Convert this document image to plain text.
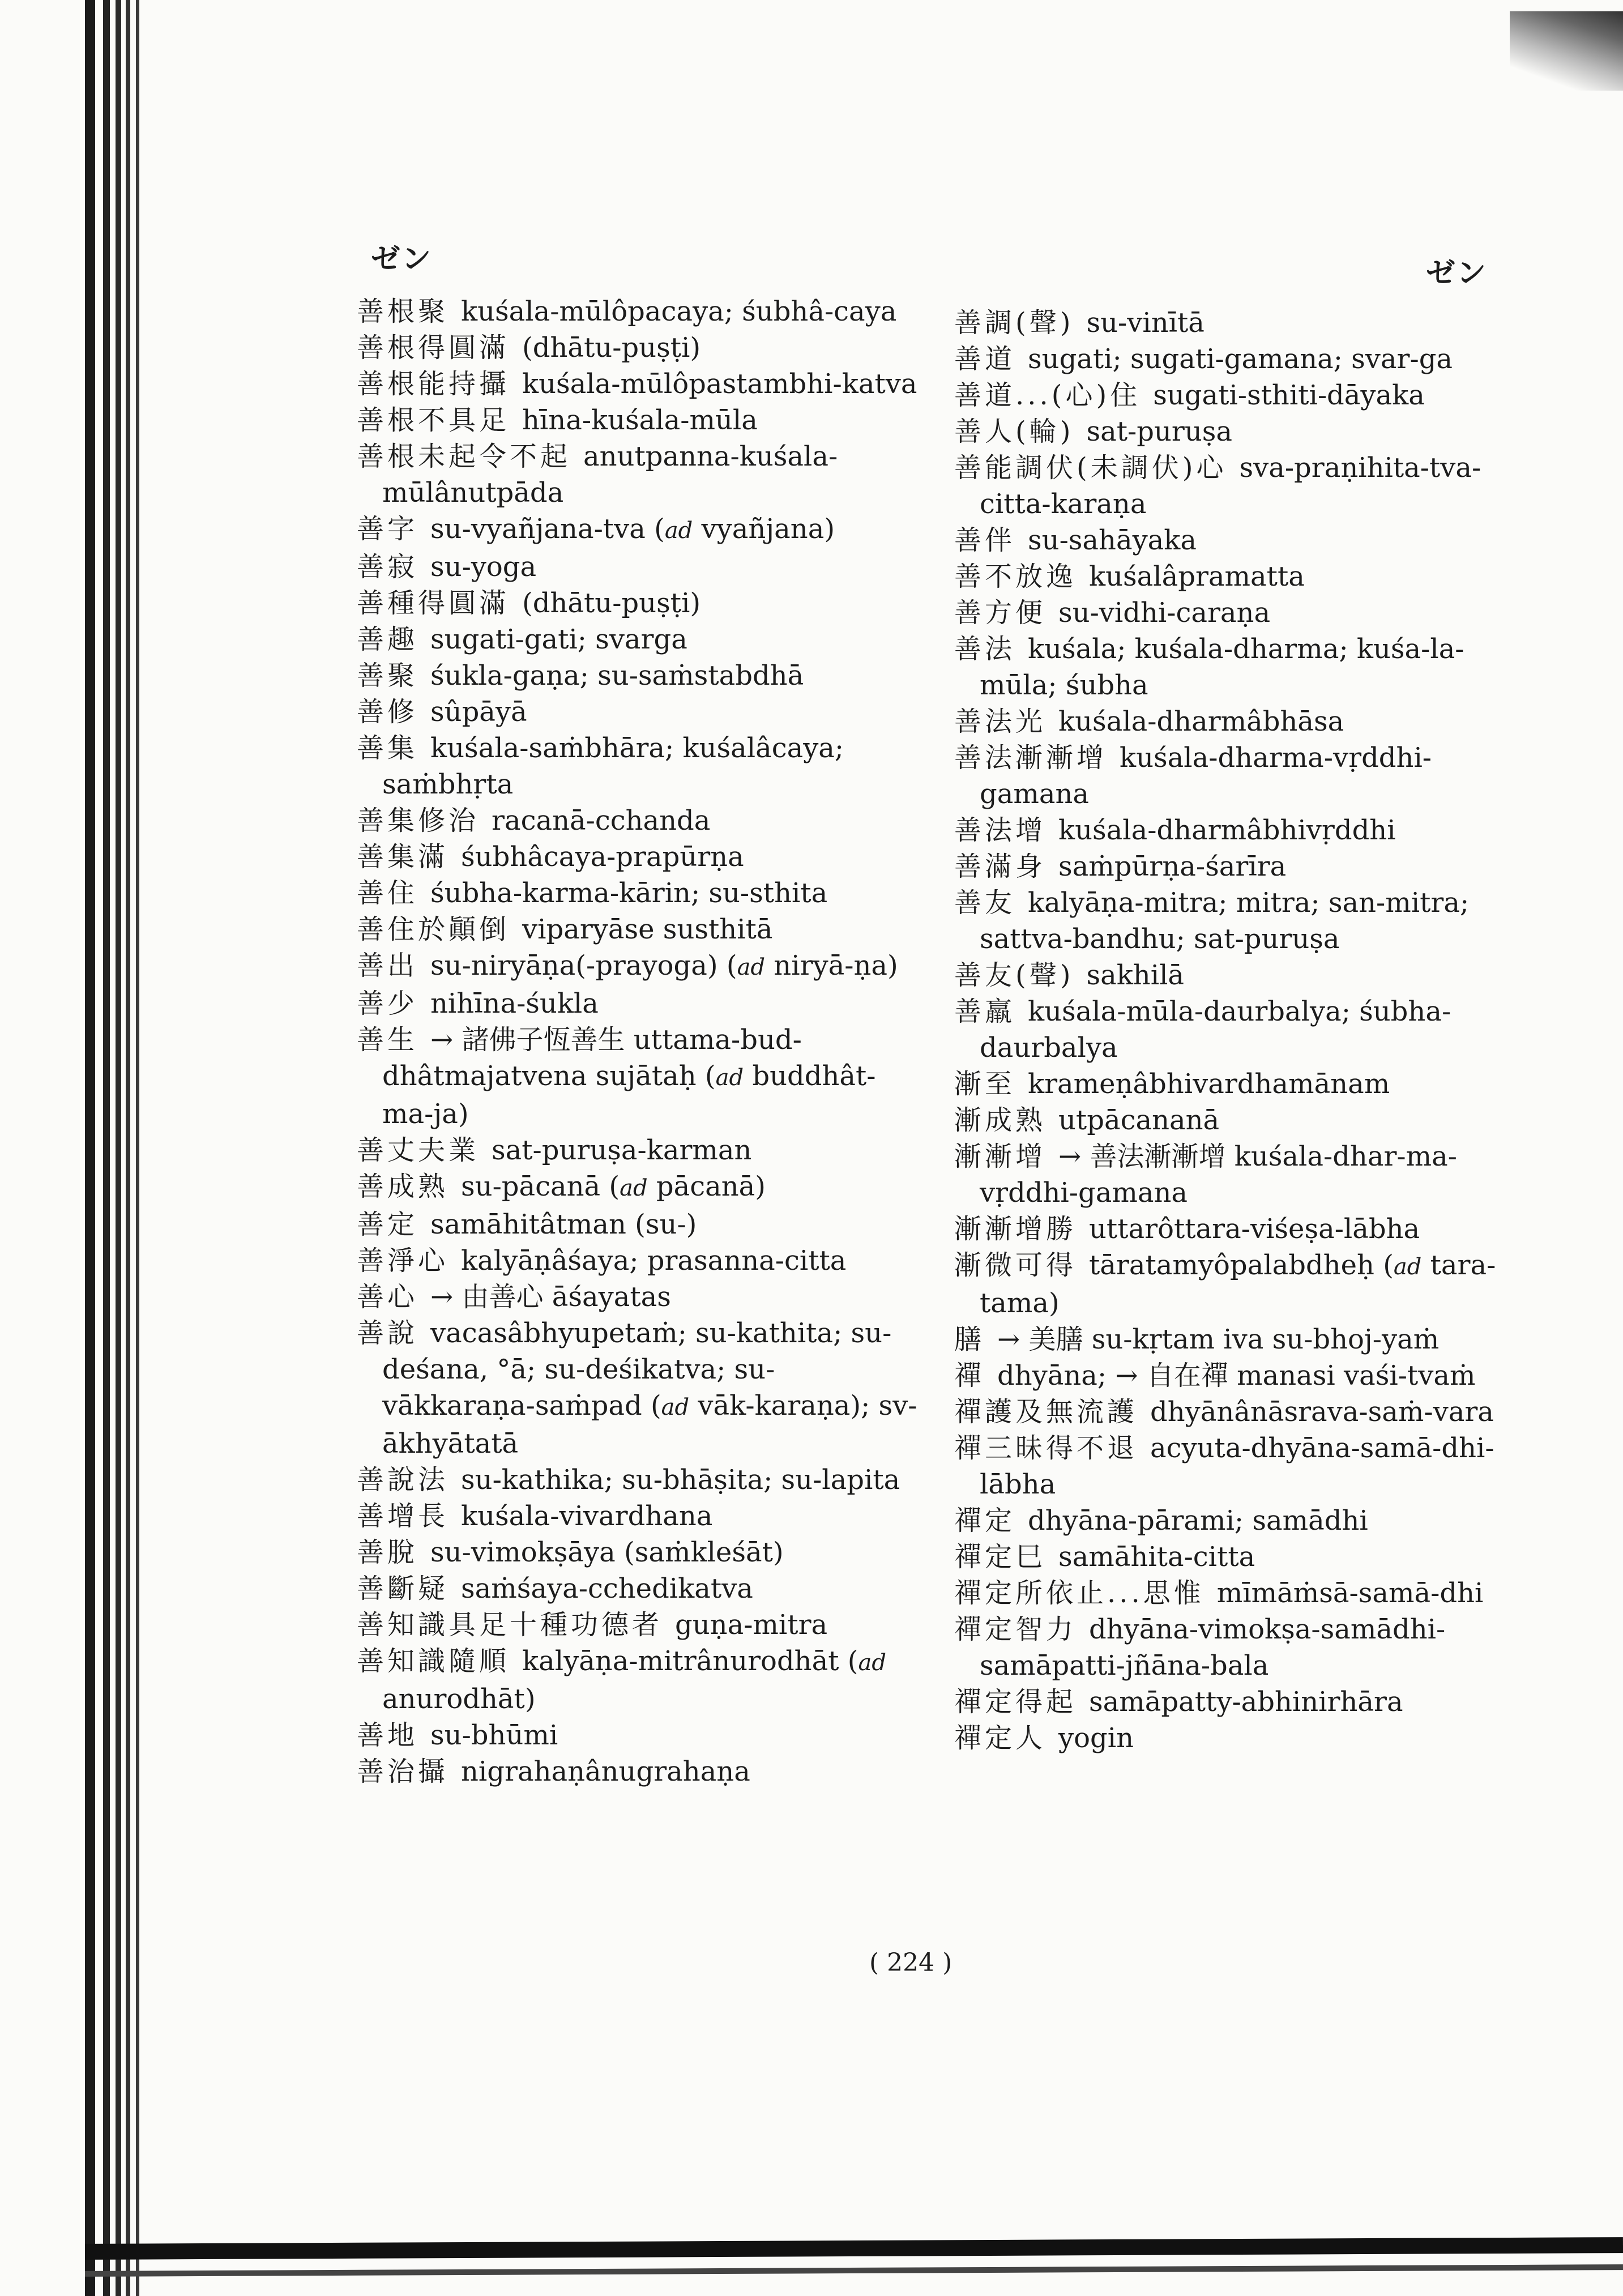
ゼン	ゼン
善根聚 kuśala-mūlôpacaya; śubhâ-caya
善根得圓滿 (dhātu-puṣṭi)
善根能持攝 kuśala-mūlôpastambhi-katva
善根不具足 hīna-kuśala-mūla
善根未起令不起 anutpanna-kuśala-mūlânutpāda
善字 su-vyañjana-tva (ad vyañjana)
善寂 su-yoga
善種得圓滿 (dhātu-puṣṭi)
善趣 sugati-gati; svarga
善聚 śukla-gaṇa; su-saṁstabdhā
善修 sûpāyā
善集 kuśala-saṁbhāra; kuśalâcaya; saṁbhṛta
善集修治 racanā-cchanda
善集滿 śubhâcaya-prapūrṇa
善住 śubha-karma-kārin; su-sthita
善住於顚倒 viparyāse susthitā
善出 su-niryāṇa(-prayoga) (ad niryā-ṇa)
善少 nihīna-śukla
善生 → 諸佛子恆善生 uttama-bud-dhâtmajatvena sujātaḥ (ad buddhât-ma-ja)
善丈夫業 sat-puruṣa-karman
善成熟 su-pācanā (ad pācanā)
善定 samāhitâtman (su-)
善淨心 kalyāṇâśaya; prasanna-citta
善心 → 由善心 āśayatas
善說 vacasâbhyupetaṁ; su-kathita; su-deśana, °ā; su-deśikatva; su-vākkaraṇa-saṁpad (ad vāk-karaṇa); sv-ākhyātatā
善說法 su-kathika; su-bhāṣita; su-lapita
善增長 kuśala-vivardhana
善脫 su-vimokṣāya (saṁkleśāt)
善斷疑 saṁśaya-cchedikatva
善知識具足十種功德者 guṇa-mitra
善知識隨順 kalyāṇa-mitrânurodhāt (ad anurodhāt)
善地 su-bhūmi
善治攝 nigrahaṇânugrahaṇa
善調(聲) su-vinītā
善道 sugati; sugati-gamana; svar-ga
善道...(心)住 sugati-sthiti-dāyaka
善人(輪) sat-puruṣa
善能調伏(未調伏)心 sva-praṇihita-tva-citta-karaṇa
善伴 su-sahāyaka
善不放逸 kuśalâpramatta
善方便 su-vidhi-caraṇa
善法 kuśala; kuśala-dharma; kuśa-la-mūla; śubha
善法光 kuśala-dharmâbhāsa
善法漸漸增 kuśala-dharma-vṛddhi-gamana
善法增 kuśala-dharmâbhivṛddhi
善滿身 saṁpūrṇa-śarīra
善友 kalyāṇa-mitra; mitra; san-mitra; sattva-bandhu; sat-puruṣa
善友(聲) sakhilā
善羸 kuśala-mūla-daurbalya; śubha-daurbalya
漸至 krameṇâbhivardhamānam
漸成熟 utpācananā
漸漸增 → 善法漸漸增 kuśala-dhar-ma-vṛddhi-gamana
漸漸增勝 uttarôttara-viśeṣa-lābha
漸微可得 tāratamyôpalabdheḥ (ad tara-tama)
膳 → 美膳 su-kṛtam iva su-bhoj-yaṁ
禪 dhyāna; → 自在禪 manasi vaśi-tvaṁ
禪護及無流護 dhyānânāsrava-saṁ-vara
禪三昧得不退 acyuta-dhyāna-samā-dhi-lābha
禪定 dhyāna-pārami; samādhi
禪定巳 samāhita-citta
禪定所依止...思惟 mīmāṁsā-samā-dhi
禪定智力 dhyāna-vimokṣa-samādhi-samāpatti-jñāna-bala
禪定得起 samāpatty-abhinirhāra
禪定人 yogin
( 224 )
